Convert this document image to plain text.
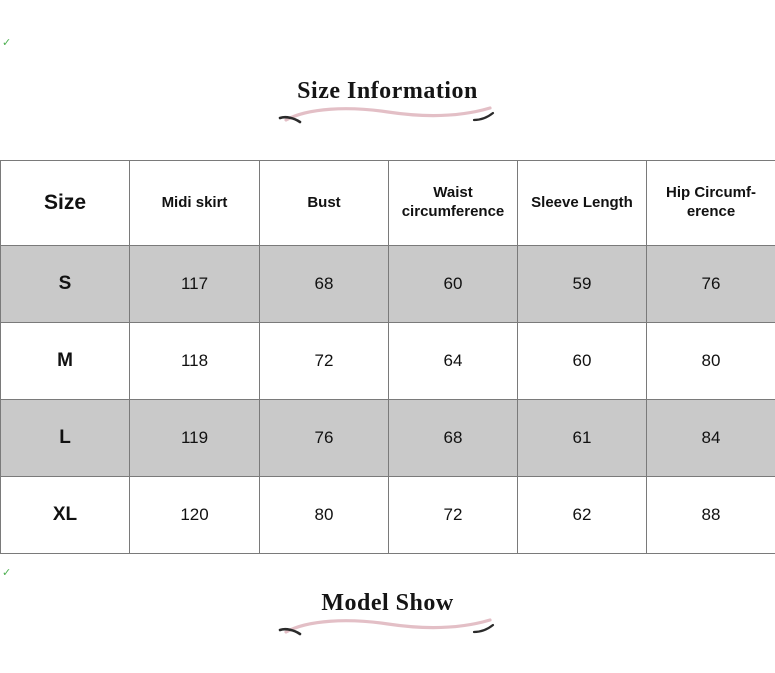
✓
✓
Size Information
Size	Midi skirt	Bust	Waist circumference	Sleeve Length	Hip Circumf-erence
S	117	68	60	59	76
M	118	72	64	60	80
L	119	76	68	61	84
XL	120	80	72	62	88
Model Show
